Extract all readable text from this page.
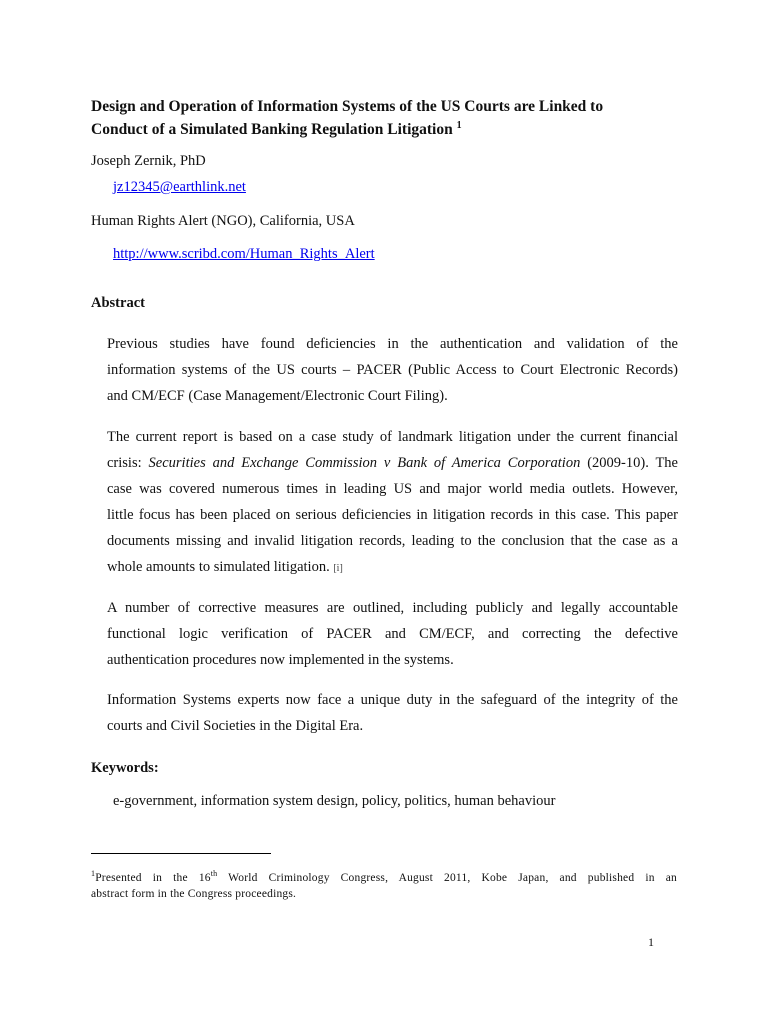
Design and Operation of Information Systems of the US Courts are Linked to
Conduct of a Simulated Banking Regulation Litigation $^1$

Joseph Zernik, PhD

jz12345@earthlink.net

Human Rights Alert (NGO), California, USA

http://www.scribd.com/Human_Rights_Alert

Abstract
Previous studies have found deficiencies in the authentication and validation of the
information systems of the US courts – PACER (Public Access to Court Electronic Records)
and CM/ECF (Case Management/Electronic Court Filing).
The current report is based on a case study of landmark litigation under the current financial
crisis: Securities and Exchange Commission v Bank of America Corporation (2009-10). The
case was covered numerous times in leading US and major world media outlets. However,
little focus has been placed on serious deficiencies in litigation records in this case. This paper
documents missing and invalid litigation records, leading to the conclusion that the case as a
whole amounts to simulated litigation. [i]
A number of corrective measures are outlined, including publicly and legally accountable
functional logic verification of PACER and CM/ECF, and correcting the defective
authentication procedures now implemented in the systems.
Information Systems experts now face a unique duty in the safeguard of the integrity of the
courts and Civil Societies in the Digital Era.
Keywords:

e-government, information system design, policy, politics, human behaviour

$^1$Presented in the 16th World Criminology Congress, August 2011, Kobe Japan, and published in an
abstract form in the Congress proceedings.
1
